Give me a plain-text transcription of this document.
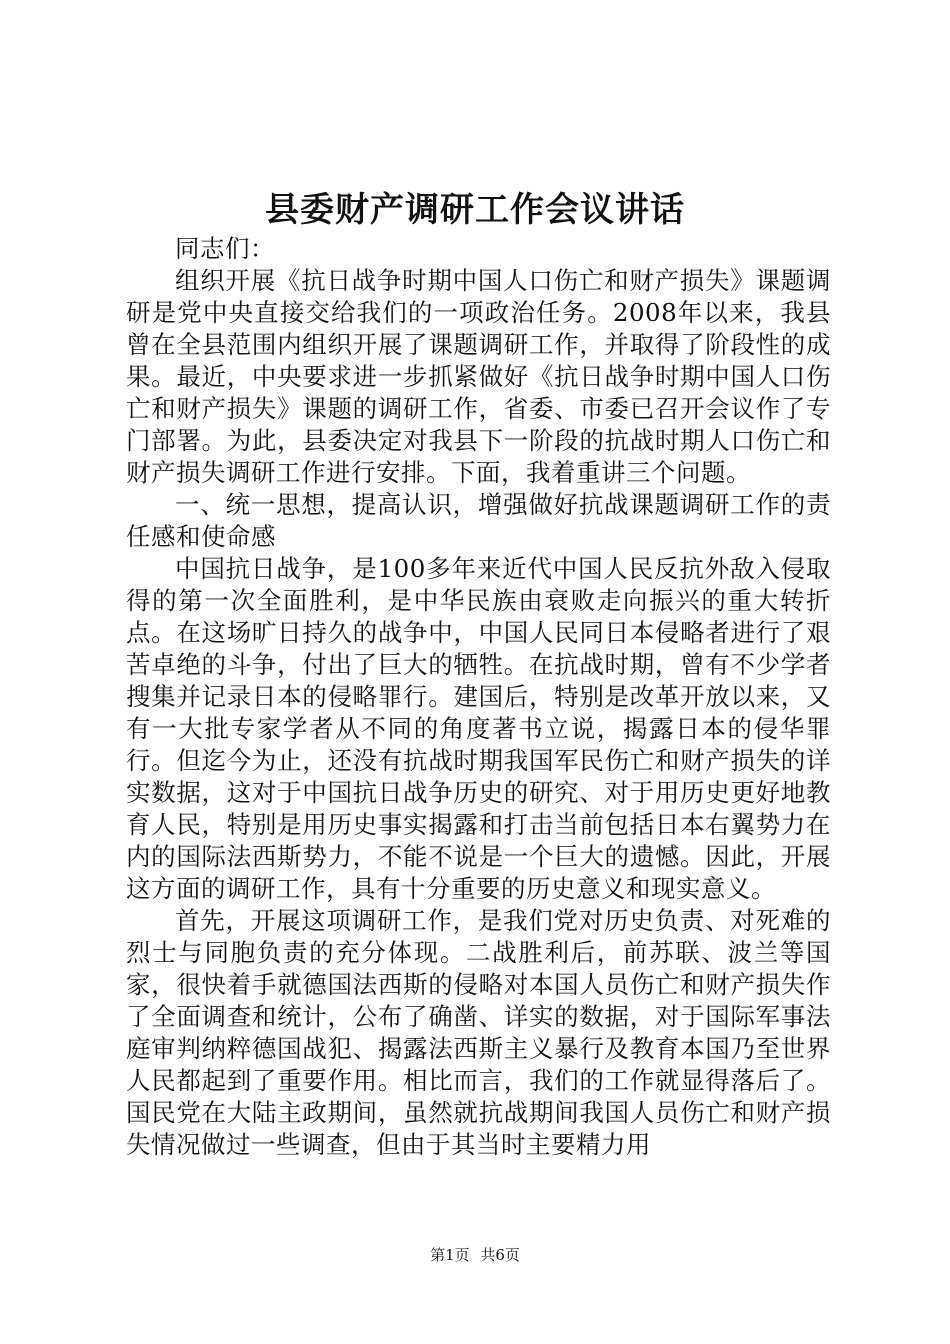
县委财产调研工作会议讲话

同志们：

组织开展《抗日战争时期中国人口伤亡和财产损失》课题调研是党中央直接交给我们的一项政治任务。2008年以来，我县曾在全县范围内组织开展了课题调研工作，并取得了阶段性的成果。最近，中央要求进一步抓紧做好《抗日战争时期中国人口伤亡和财产损失》课题的调研工作，省委、市委已召开会议作了专门部署。为此，县委决定对我县下一阶段的抗战时期人口伤亡和财产损失调研工作进行安排。下面，我着重讲三个问题。

一、统一思想，提高认识，增强做好抗战课题调研工作的责任感和使命感

中国抗日战争，是100多年来近代中国人民反抗外敌入侵取得的第一次全面胜利，是中华民族由衰败走向振兴的重大转折点。在这场旷日持久的战争中，中国人民同日本侵略者进行了艰苦卓绝的斗争，付出了巨大的牺牲。在抗战时期，曾有不少学者搜集并记录日本的侵略罪行。建国后，特别是改革开放以来，又有一大批专家学者从不同的角度著书立说，揭露日本的侵华罪行。但迄今为止，还没有抗战时期我国军民伤亡和财产损失的详实数据，这对于中国抗日战争历史的研究、对于用历史更好地教育人民，特别是用历史事实揭露和打击当前包括日本右翼势力在内的国际法西斯势力，不能不说是一个巨大的遗憾。因此，开展这方面的调研工作，具有十分重要的历史意义和现实意义。

首先，开展这项调研工作，是我们党对历史负责、对死难的烈士与同胞负责的充分体现。二战胜利后，前苏联、波兰等国家，很快着手就德国法西斯的侵略对本国人员伤亡和财产损失作了全面调查和统计，公布了确凿、详实的数据，对于国际军事法庭审判纳粹德国战犯、揭露法西斯主义暴行及教育本国乃至世界人民都起到了重要作用。相比而言，我们的工作就显得落后了。国民党在大陆主政期间，虽然就抗战期间我国人员伤亡和财产损失情况做过一些调查，但由于其当时主要精力用

第1页 共6页
